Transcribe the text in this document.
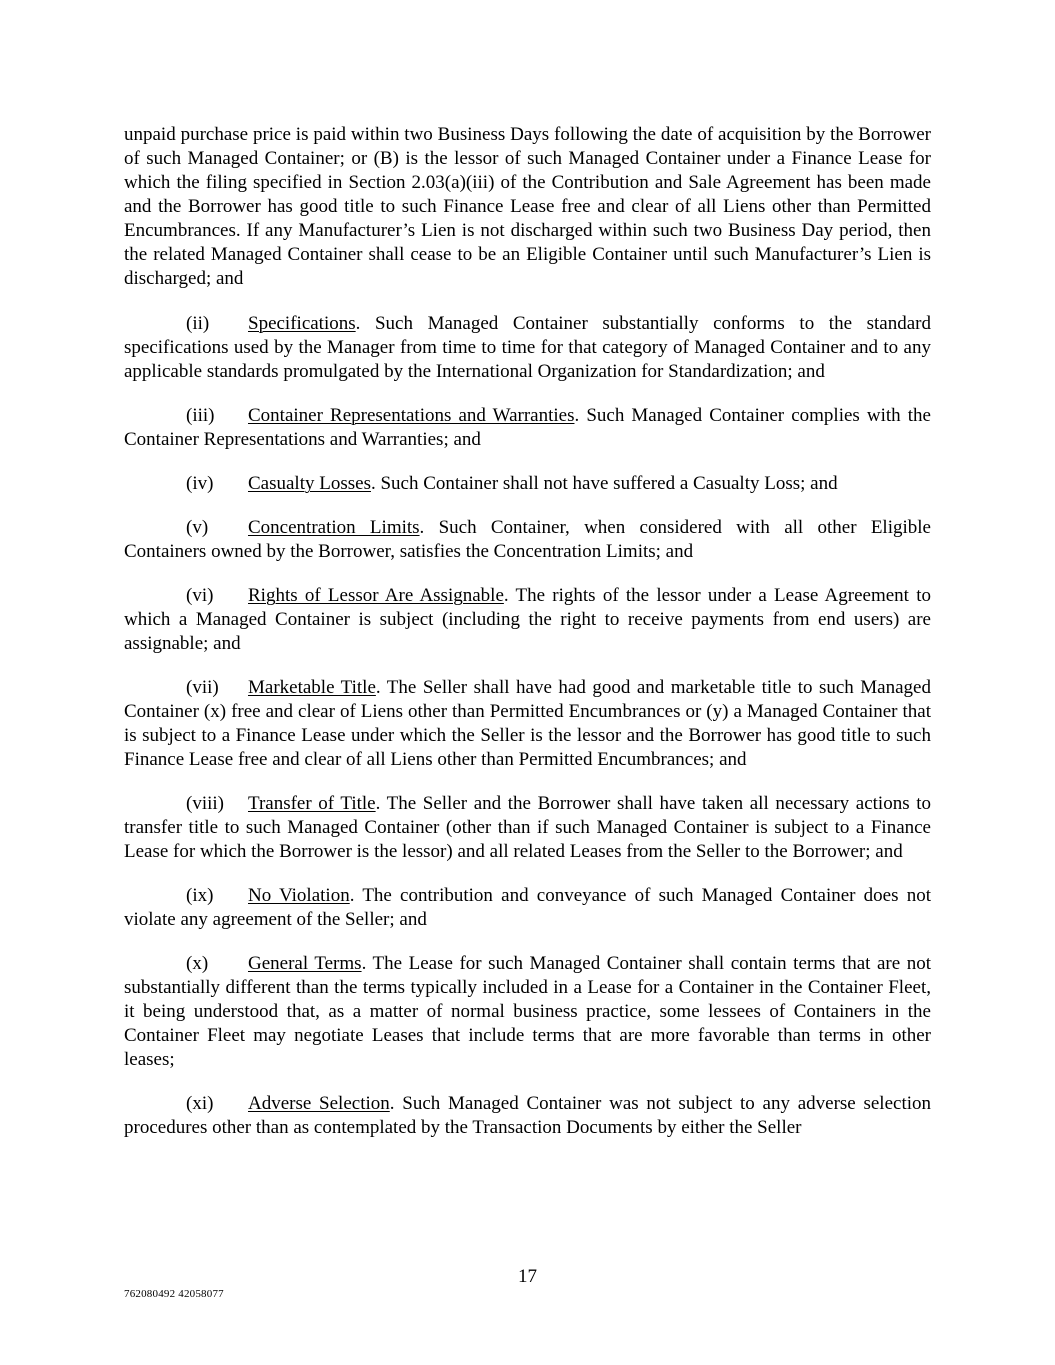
unpaid purchase price is paid within two Business Days following the date of acquisition by the Borrower of such Managed Container; or (B) is the lessor of such Managed Container under a Finance Lease for which the filing specified in Section 2.03(a)(iii) of the Contribution and Sale Agreement has been made and the Borrower has good title to such Finance Lease free and clear of all Liens other than Permitted Encumbrances. If any Manufacturer’s Lien is not discharged within such two Business Day period, then the related Managed Container shall cease to be an Eligible Container until such Manufacturer’s Lien is discharged; and

(ii) Specifications. Such Managed Container substantially conforms to the standard specifications used by the Manager from time to time for that category of Managed Container and to any applicable standards promulgated by the International Organization for Standardization; and

(iii) Container Representations and Warranties. Such Managed Container complies with the Container Representations and Warranties; and

(iv) Casualty Losses. Such Container shall not have suffered a Casualty Loss; and

(v) Concentration Limits. Such Container, when considered with all other Eligible Containers owned by the Borrower, satisfies the Concentration Limits; and

(vi) Rights of Lessor Are Assignable. The rights of the lessor under a Lease Agreement to which a Managed Container is subject (including the right to receive payments from end users) are assignable; and

(vii) Marketable Title. The Seller shall have had good and marketable title to such Managed Container (x) free and clear of Liens other than Permitted Encumbrances or (y) a Managed Container that is subject to a Finance Lease under which the Seller is the lessor and the Borrower has good title to such Finance Lease free and clear of all Liens other than Permitted Encumbrances; and

(viii) Transfer of Title. The Seller and the Borrower shall have taken all necessary actions to transfer title to such Managed Container (other than if such Managed Container is subject to a Finance Lease for which the Borrower is the lessor) and all related Leases from the Seller to the Borrower; and

(ix) No Violation. The contribution and conveyance of such Managed Container does not violate any agreement of the Seller; and

(x) General Terms. The Lease for such Managed Container shall contain terms that are not substantially different than the terms typically included in a Lease for a Container in the Container Fleet, it being understood that, as a matter of normal business practice, some lessees of Containers in the Container Fleet may negotiate Leases that include terms that are more favorable than terms in other leases;

(xi) Adverse Selection. Such Managed Container was not subject to any adverse selection procedures other than as contemplated by the Transaction Documents by either the Seller

17
762080492 42058077
